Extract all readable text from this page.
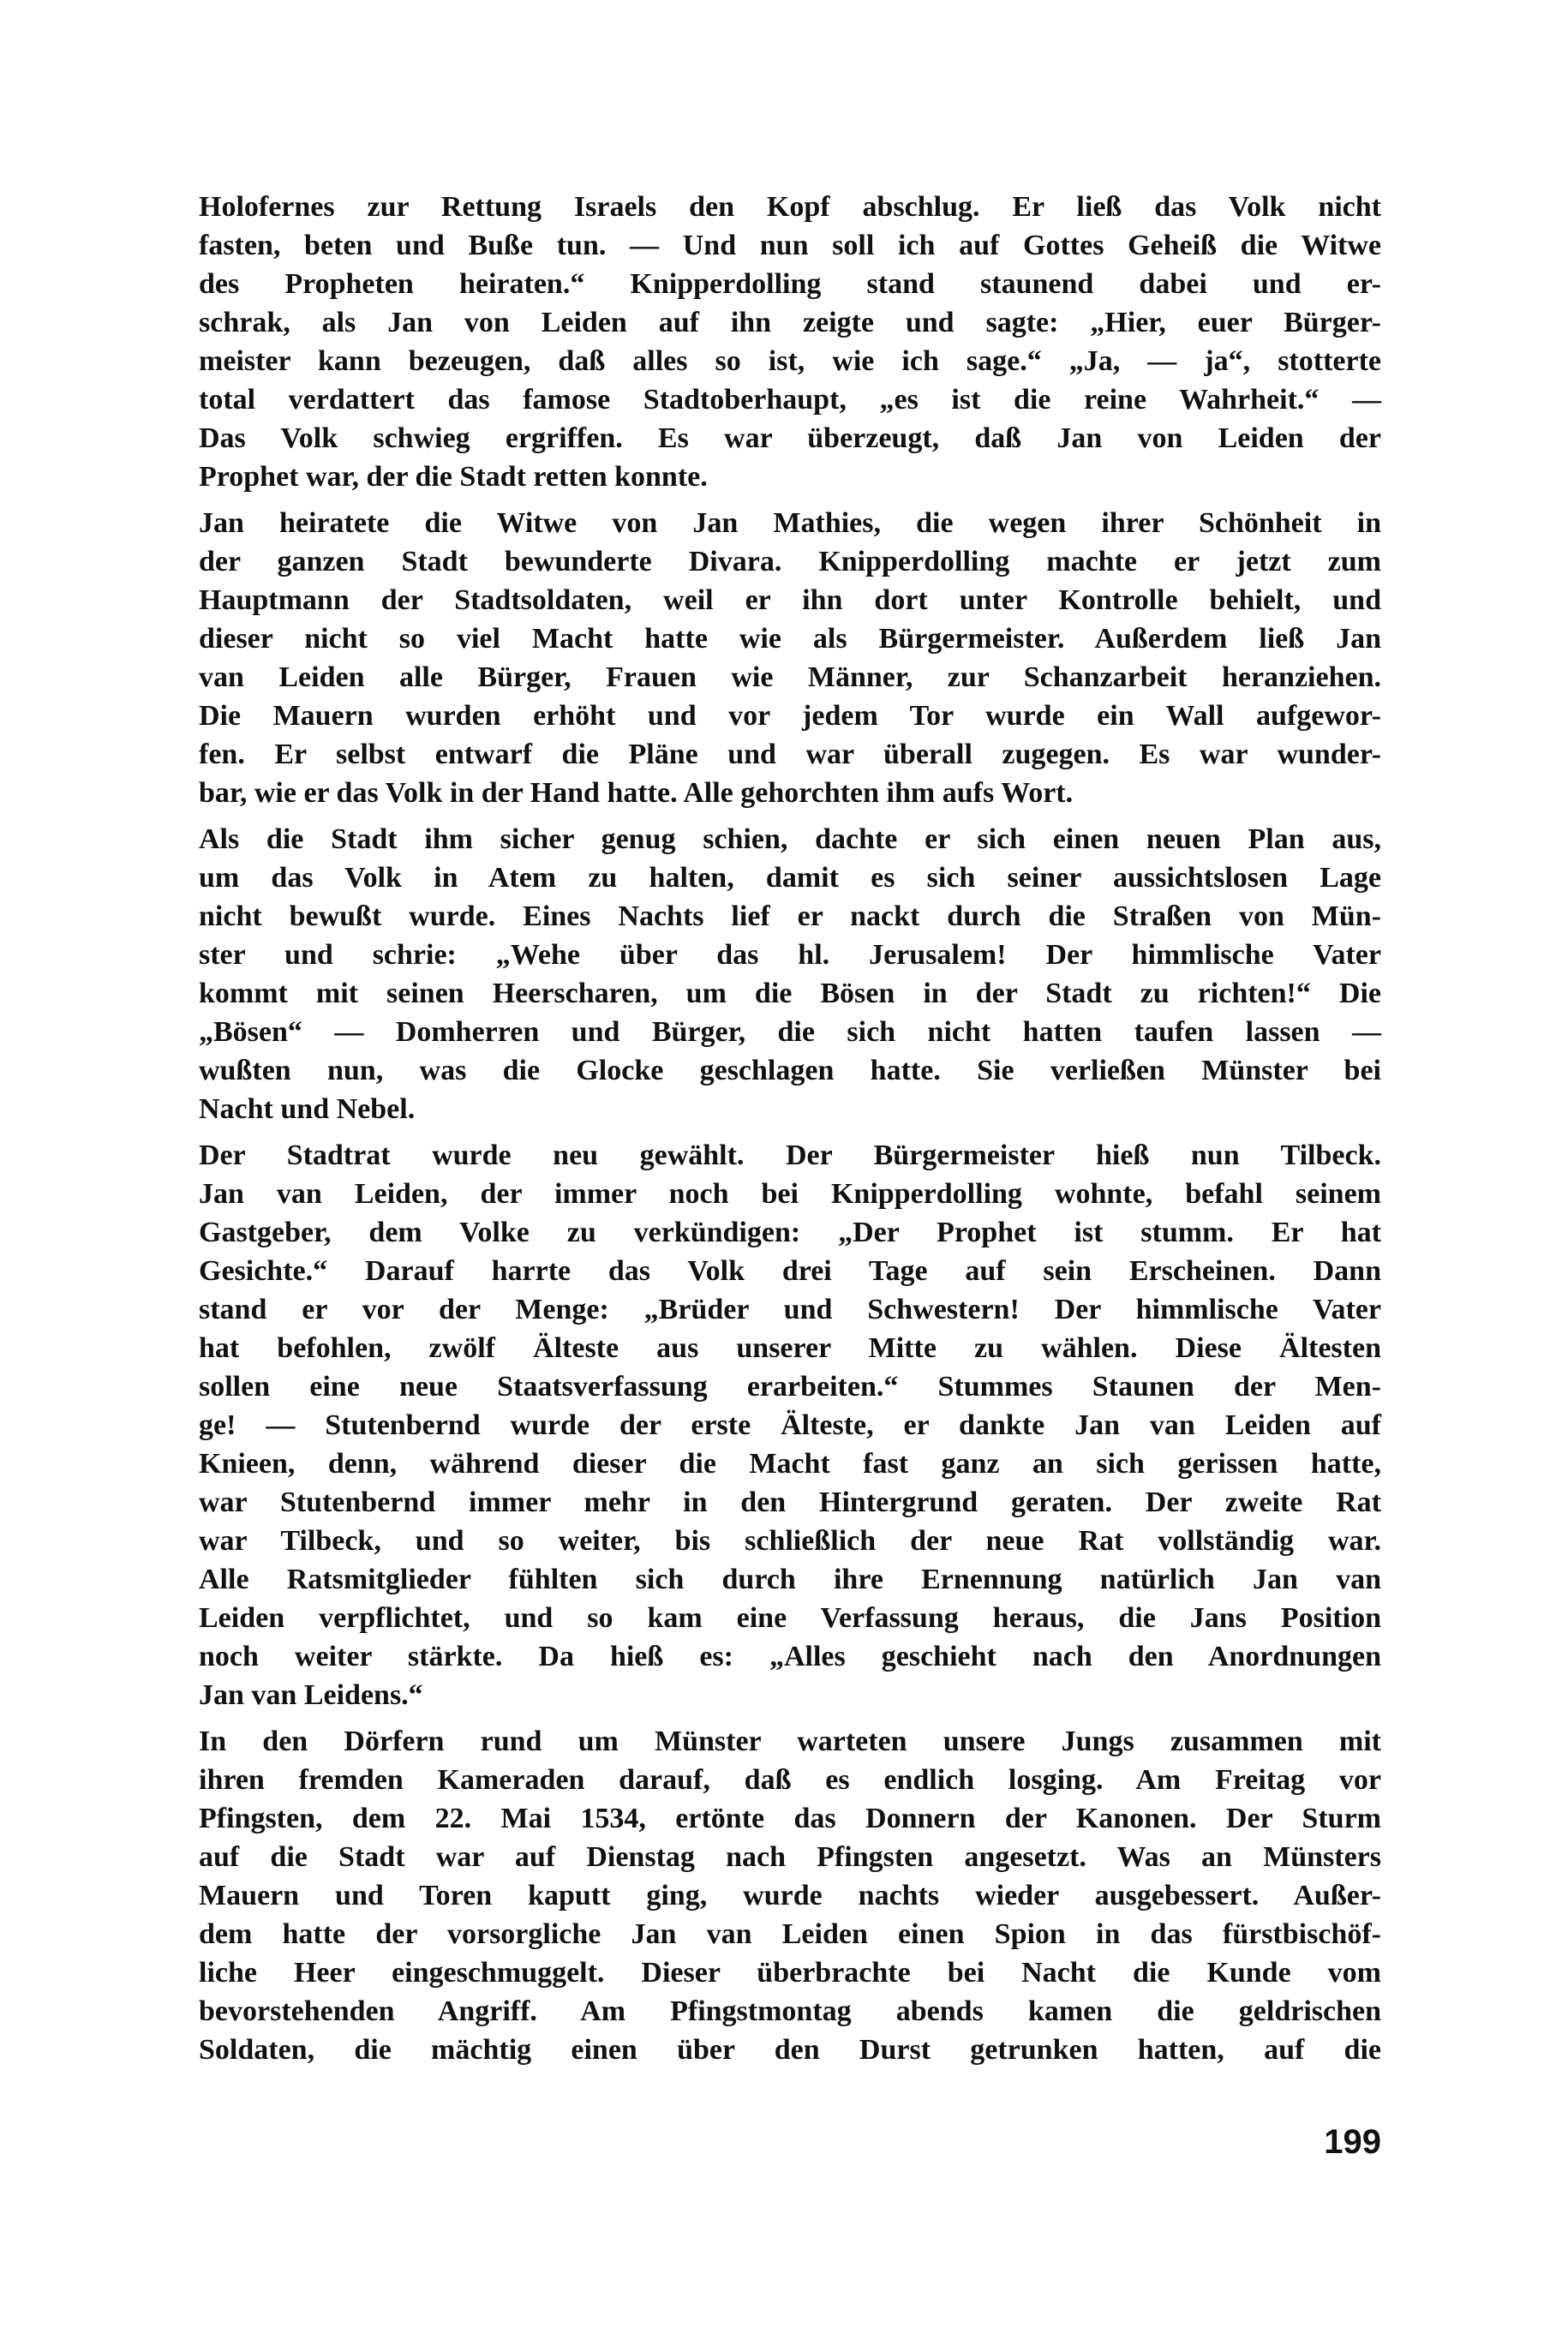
Holofernes zur Rettung Israels den Kopf abschlug. Er ließ das Volk nicht
fasten, beten und Buße tun. — Und nun soll ich auf Gottes Geheiß die Witwe
des Propheten heiraten.“ Knipperdolling stand staunend dabei und er-
schrak, als Jan von Leiden auf ihn zeigte und sagte: „Hier, euer Bürger-
meister kann bezeugen, daß alles so ist, wie ich sage.“ „Ja, — ja“, stotterte
total verdattert das famose Stadtoberhaupt, „es ist die reine Wahrheit.“ —
Das Volk schwieg ergriffen. Es war überzeugt, daß Jan von Leiden der
Prophet war, der die Stadt retten konnte.
Jan heiratete die Witwe von Jan Mathies, die wegen ihrer Schönheit in
der ganzen Stadt bewunderte Divara. Knipperdolling machte er jetzt zum
Hauptmann der Stadtsoldaten, weil er ihn dort unter Kontrolle behielt, und
dieser nicht so viel Macht hatte wie als Bürgermeister. Außerdem ließ Jan
van Leiden alle Bürger, Frauen wie Männer, zur Schanzarbeit heranziehen.
Die Mauern wurden erhöht und vor jedem Tor wurde ein Wall aufgewor-
fen. Er selbst entwarf die Pläne und war überall zugegen. Es war wunder-
bar, wie er das Volk in der Hand hatte. Alle gehorchten ihm aufs Wort.
Als die Stadt ihm sicher genug schien, dachte er sich einen neuen Plan aus,
um das Volk in Atem zu halten, damit es sich seiner aussichtslosen Lage
nicht bewußt wurde. Eines Nachts lief er nackt durch die Straßen von Mün-
ster und schrie: „Wehe über das hl. Jerusalem! Der himmlische Vater
kommt mit seinen Heerscharen, um die Bösen in der Stadt zu richten!“ Die
„Bösen“ — Domherren und Bürger, die sich nicht hatten taufen lassen —
wußten nun, was die Glocke geschlagen hatte. Sie verließen Münster bei
Nacht und Nebel.
Der Stadtrat wurde neu gewählt. Der Bürgermeister hieß nun Tilbeck.
Jan van Leiden, der immer noch bei Knipperdolling wohnte, befahl seinem
Gastgeber, dem Volke zu verkündigen: „Der Prophet ist stumm. Er hat
Gesichte.“ Darauf harrte das Volk drei Tage auf sein Erscheinen. Dann
stand er vor der Menge: „Brüder und Schwestern! Der himmlische Vater
hat befohlen, zwölf Älteste aus unserer Mitte zu wählen. Diese Ältesten
sollen eine neue Staatsverfassung erarbeiten.“ Stummes Staunen der Men-
ge! — Stutenbernd wurde der erste Älteste, er dankte Jan van Leiden auf
Knieen, denn, während dieser die Macht fast ganz an sich gerissen hatte,
war Stutenbernd immer mehr in den Hintergrund geraten. Der zweite Rat
war Tilbeck, und so weiter, bis schließlich der neue Rat vollständig war.
Alle Ratsmitglieder fühlten sich durch ihre Ernennung natürlich Jan van
Leiden verpflichtet, und so kam eine Verfassung heraus, die Jans Position
noch weiter stärkte. Da hieß es: „Alles geschieht nach den Anordnungen
Jan van Leidens.“
In den Dörfern rund um Münster warteten unsere Jungs zusammen mit
ihren fremden Kameraden darauf, daß es endlich losging. Am Freitag vor
Pfingsten, dem 22. Mai 1534, ertönte das Donnern der Kanonen. Der Sturm
auf die Stadt war auf Dienstag nach Pfingsten angesetzt. Was an Münsters
Mauern und Toren kaputt ging, wurde nachts wieder ausgebessert. Außer-
dem hatte der vorsorgliche Jan van Leiden einen Spion in das fürstbischöf-
liche Heer eingeschmuggelt. Dieser überbrachte bei Nacht die Kunde vom
bevorstehenden Angriff. Am Pfingstmontag abends kamen die geldrischen
Soldaten, die mächtig einen über den Durst getrunken hatten, auf die
199
